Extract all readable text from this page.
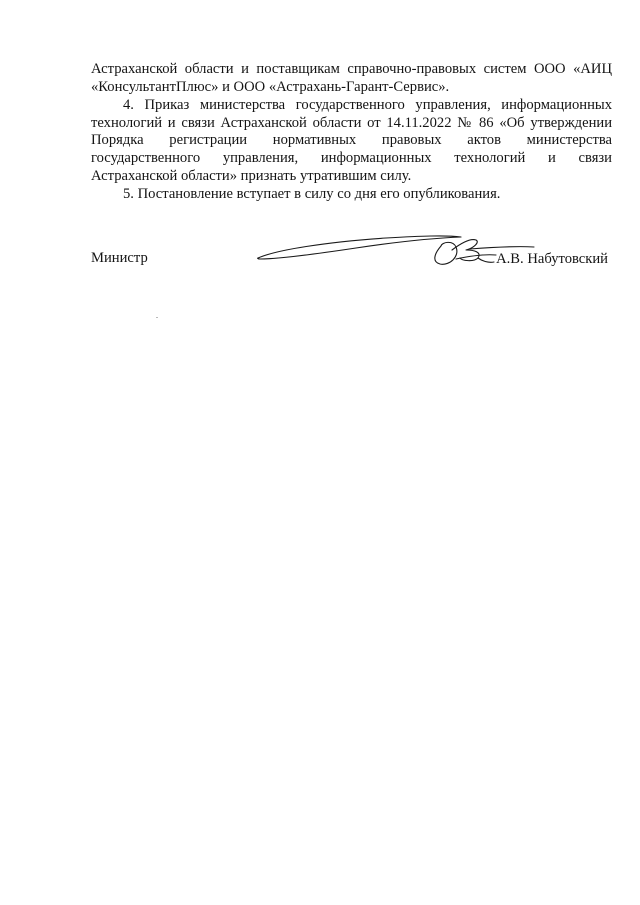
Астраханской области и поставщикам справочно-правовых систем ООО «АИЦ
«КонсультантПлюс» и ООО «Астрахань-Гарант-Сервис».

4. Приказ министерства государственного управления, информационных
технологий и связи Астраханской области от 14.11.2022 № 86 «Об утверждении
Порядка регистрации нормативных правовых актов министерства
государственного управления, информационных технологий и связи
Астраханской области» признать утратившим силу.

5. Постановление вступает в силу со дня его опубликования.

Министр	А.В. Набутовский
